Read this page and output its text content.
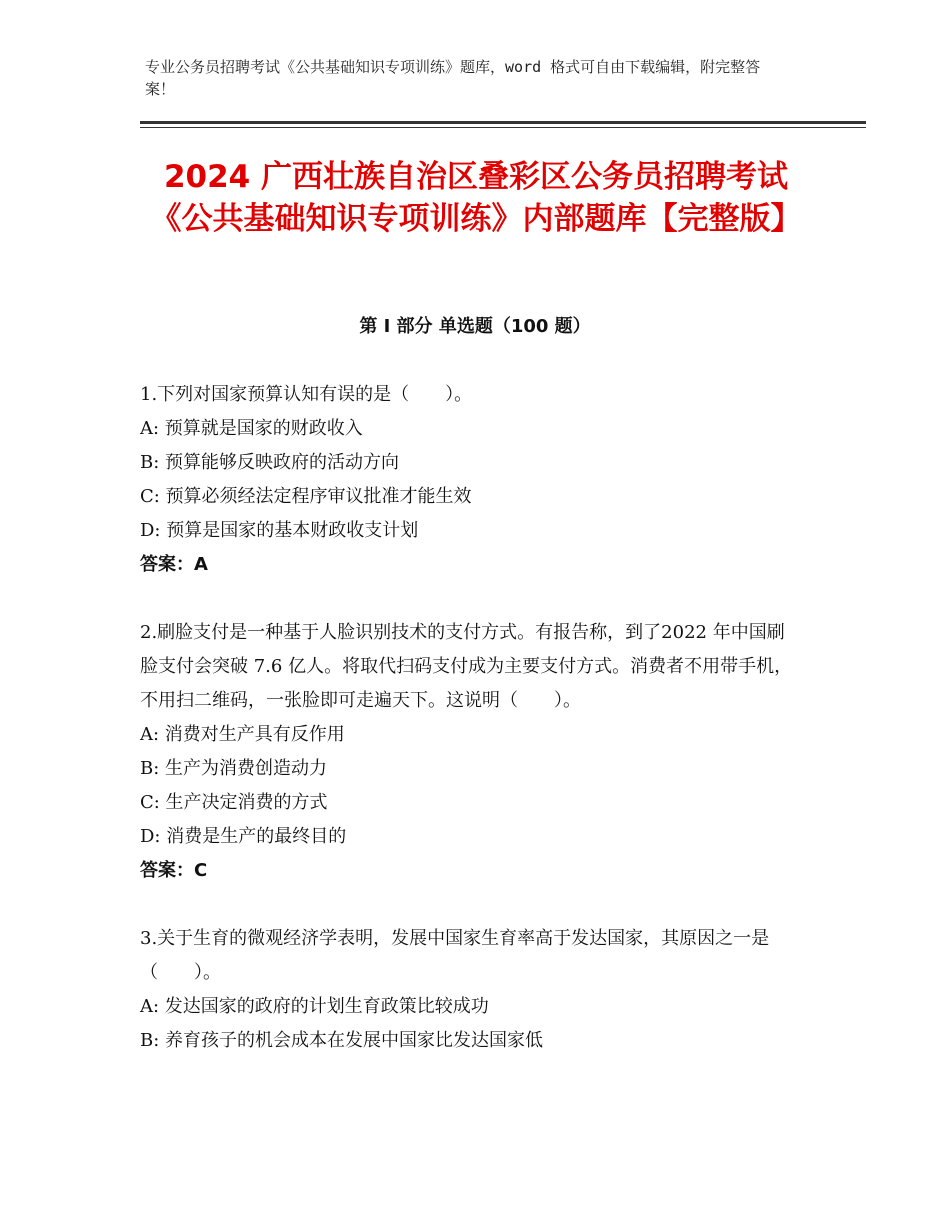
专业公务员招聘考试《公共基础知识专项训练》题库，word 格式可自由下载编辑，附完整答案！
2024 广西壮族自治区叠彩区公务员招聘考试《公共基础知识专项训练》内部题库【完整版】
第 I 部分 单选题（100 题）

1.下列对国家预算认知有误的是（　　）。

A: 预算就是国家的财政收入

B: 预算能够反映政府的活动方向

C: 预算必须经法定程序审议批准才能生效

D: 预算是国家的基本财政收支计划

答案：A

2.刷脸支付是一种基于人脸识别技术的支付方式。有报告称，到了2022 年中国刷脸支付会突破 7.6 亿人。将取代扫码支付成为主要支付方式。消费者不用带手机，不用扫二维码，一张脸即可走遍天下。这说明（　　）。

A: 消费对生产具有反作用

B: 生产为消费创造动力

C: 生产决定消费的方式

D: 消费是生产的最终目的

答案：C

3.关于生育的微观经济学表明，发展中国家生育率高于发达国家，其原因之一是（　　）。

A: 发达国家的政府的计划生育政策比较成功

B: 养育孩子的机会成本在发展中国家比发达国家低
